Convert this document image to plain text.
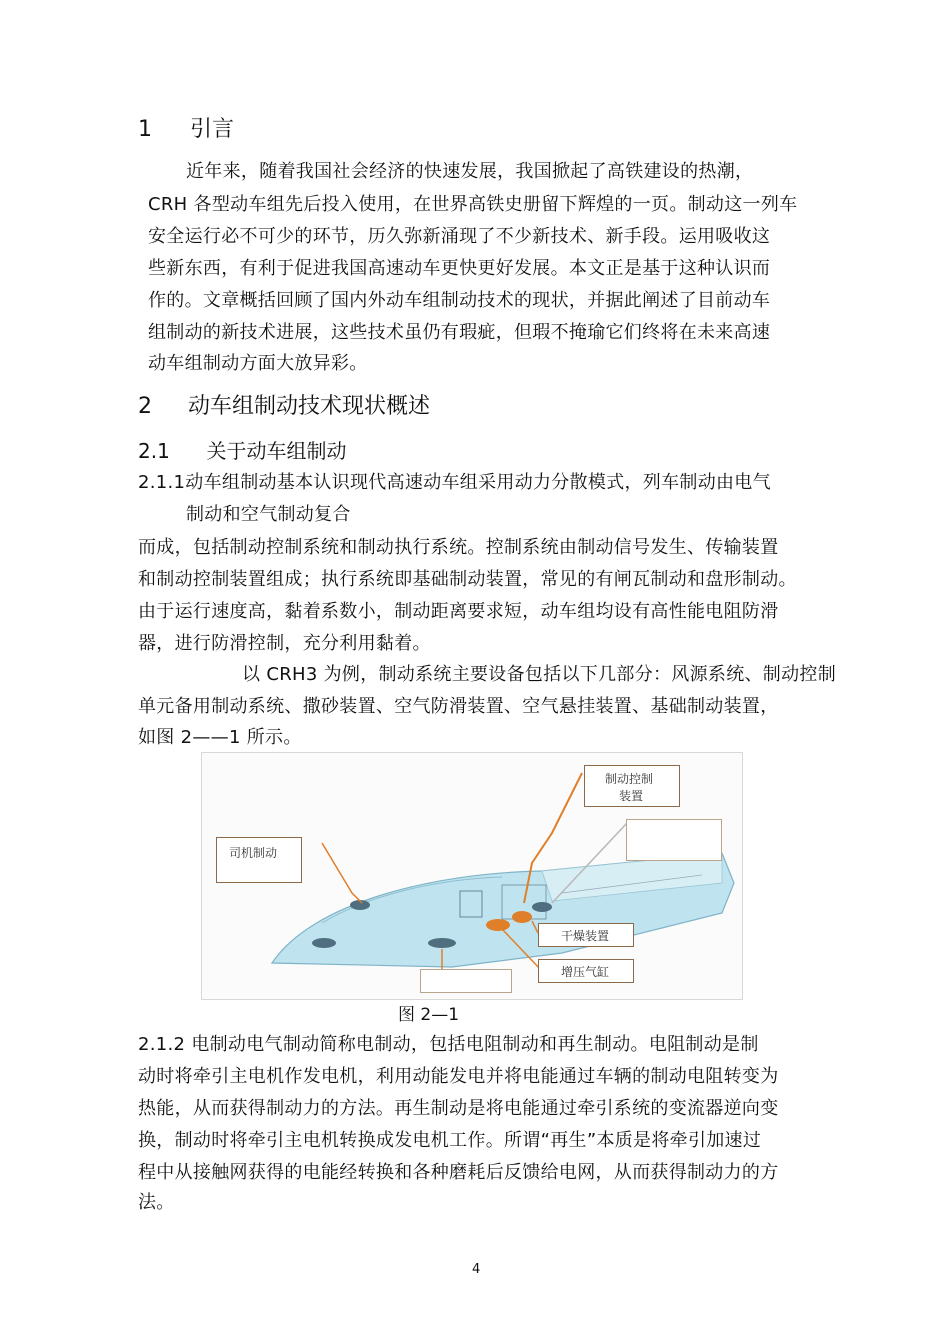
1 引言
近年来，随着我国社会经济的快速发展，我国掀起了高铁建设的热潮，
CRH 各型动车组先后投入使用，在世界高铁史册留下辉煌的一页。制动这一列车
安全运行必不可少的环节，历久弥新涌现了不少新技术、新手段。运用吸收这
些新东西，有利于促进我国高速动车更快更好发展。本文正是基于这种认识而
作的。文章概括回顾了国内外动车组制动技术的现状，并据此阐述了目前动车
组制动的新技术进展，这些技术虽仍有瑕疵，但瑕不掩瑜它们终将在未来高速
动车组制动方面大放异彩。
2 动车组制动技术现状概述
2.1 关于动车组制动
2.1.1动车组制动基本认识现代高速动车组采用动力分散模式，列车制动由电气
制动和空气制动复合
而成，包括制动控制系统和制动执行系统。控制系统由制动信号发生、传输装置
和制动控制装置组成；执行系统即基础制动装置，常见的有闸瓦制动和盘形制动。
由于运行速度高，黏着系数小，制动距离要求短，动车组均设有高性能电阻防滑
器，进行防滑控制，充分利用黏着。
以 CRH3 为例，制动系统主要设备包括以下几部分：风源系统、制动控制
单元备用制动系统、撒砂装置、空气防滑装置、空气悬挂装置、基础制动装置，
如图 2——1 所示。
制动控制
装置
司机制动
干燥装置
增压气缸
图 2—1
2.1.2 电制动电气制动简称电制动，包括电阻制动和再生制动。电阻制动是制
动时将牵引主电机作发电机，利用动能发电并将电能通过车辆的制动电阻转变为
热能，从而获得制动力的方法。再生制动是将电能通过牵引系统的变流器逆向变
换，制动时将牵引主电机转换成发电机工作。所谓“再生”本质是将牵引加速过
程中从接触网获得的电能经转换和各种磨耗后反馈给电网，从而获得制动力的方
法。
4
